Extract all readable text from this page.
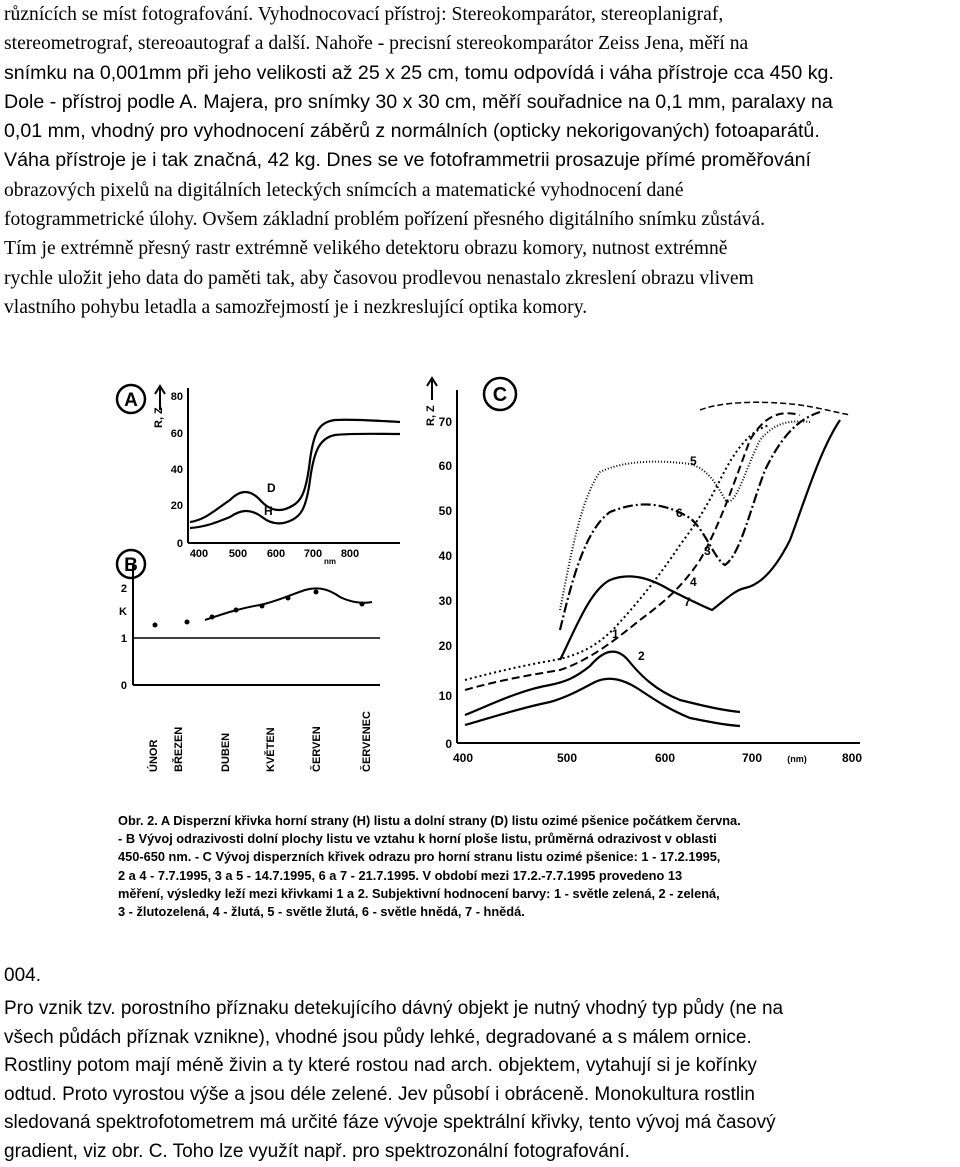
různících se míst fotografování. Vyhodnocovací přístroj: Stereokomparátor, stereoplanigraf,
stereometrograf, stereoautograf a další. Nahoře - precisní stereokomparátor Zeiss Jena, měří na
snímku na 0,001mm při jeho velikosti až 25 x 25 cm, tomu odpovídá i váha přístroje cca 450 kg.
Dole - přístroj podle A. Majera, pro snímky 30 x 30 cm, měří souřadnice na 0,1 mm, paralaxy na
0,01 mm, vhodný pro vyhodnocení záběrů z normálních (opticky nekorigovaných) fotoaparátů.
Váha přístroje je i tak značná, 42 kg. Dnes se ve fotoframmetrii prosazuje přímé proměřování
obrazových pixelů na digitálních leteckých snímcích a matematické vyhodnocení dané
fotogrammetrické úlohy. Ovšem základní problém pořízení přesného digitálního snímku zůstává.
Tím je extrémně přesný rastr extrémně velikého detektoru obrazu komory, nutnost extrémně
rychle uložit jeho data do paměti tak, aby časovou prodlevou nenastalo zkreslení obrazu vlivem
vlastního pohybu letadla a samozřejmostí je i nezkreslující optika komory.
A
R, Z
80
60
40
20
0
400 500 600 700 800
nm
D
H
B
2
K
1
0
ÚNOR BŘEZEN	DUBEN	KVĚTEN	ČERVEN	ČERVENEC
C
R, Z 70
60
50
40
30
20
10
0
400	500	600	700	800
(nm)
1
2
3
4
5
6
7
Obr. 2. A Disperzní křivka horní strany (H) listu a dolní strany (D) listu ozimé pšenice počátkem června.
- B Vývoj odrazivosti dolní plochy listu ve vztahu k horní ploše listu, průměrná odrazivost v oblasti
450-650 nm. - C Vývoj disperzních křivek odrazu pro horní stranu listu ozimé pšenice: 1 - 17.2.1995,
2 a 4 - 7.7.1995, 3 a 5 - 14.7.1995, 6 a 7 - 21.7.1995. V období mezi 17.2.-7.7.1995 provedeno 13
měření, výsledky leží mezi křivkami 1 a 2. Subjektivní hodnocení barvy: 1 - světle zelená, 2 - zelená,
3 - žlutozelená, 4 - žlutá, 5 - světle žlutá, 6 - světle hnědá, 7 - hnědá.
004.
Pro vznik tzv. porostního příznaku detekujícího dávný objekt je nutný vhodný typ půdy (ne na
všech půdách příznak vznikne), vhodné jsou půdy lehké, degradované a s málem ornice.
Rostliny potom mají méně živin a ty které rostou nad arch. objektem, vytahují si je kořínky
odtud. Proto vyrostou výše a jsou déle zelené. Jev působí i obráceně. Monokultura rostlin
sledovaná spektrofotometrem má určité fáze vývoje spektrální křivky, tento vývoj má časový
gradient, viz obr. C. Toho lze využít např. pro spektrozonální fotografování.
